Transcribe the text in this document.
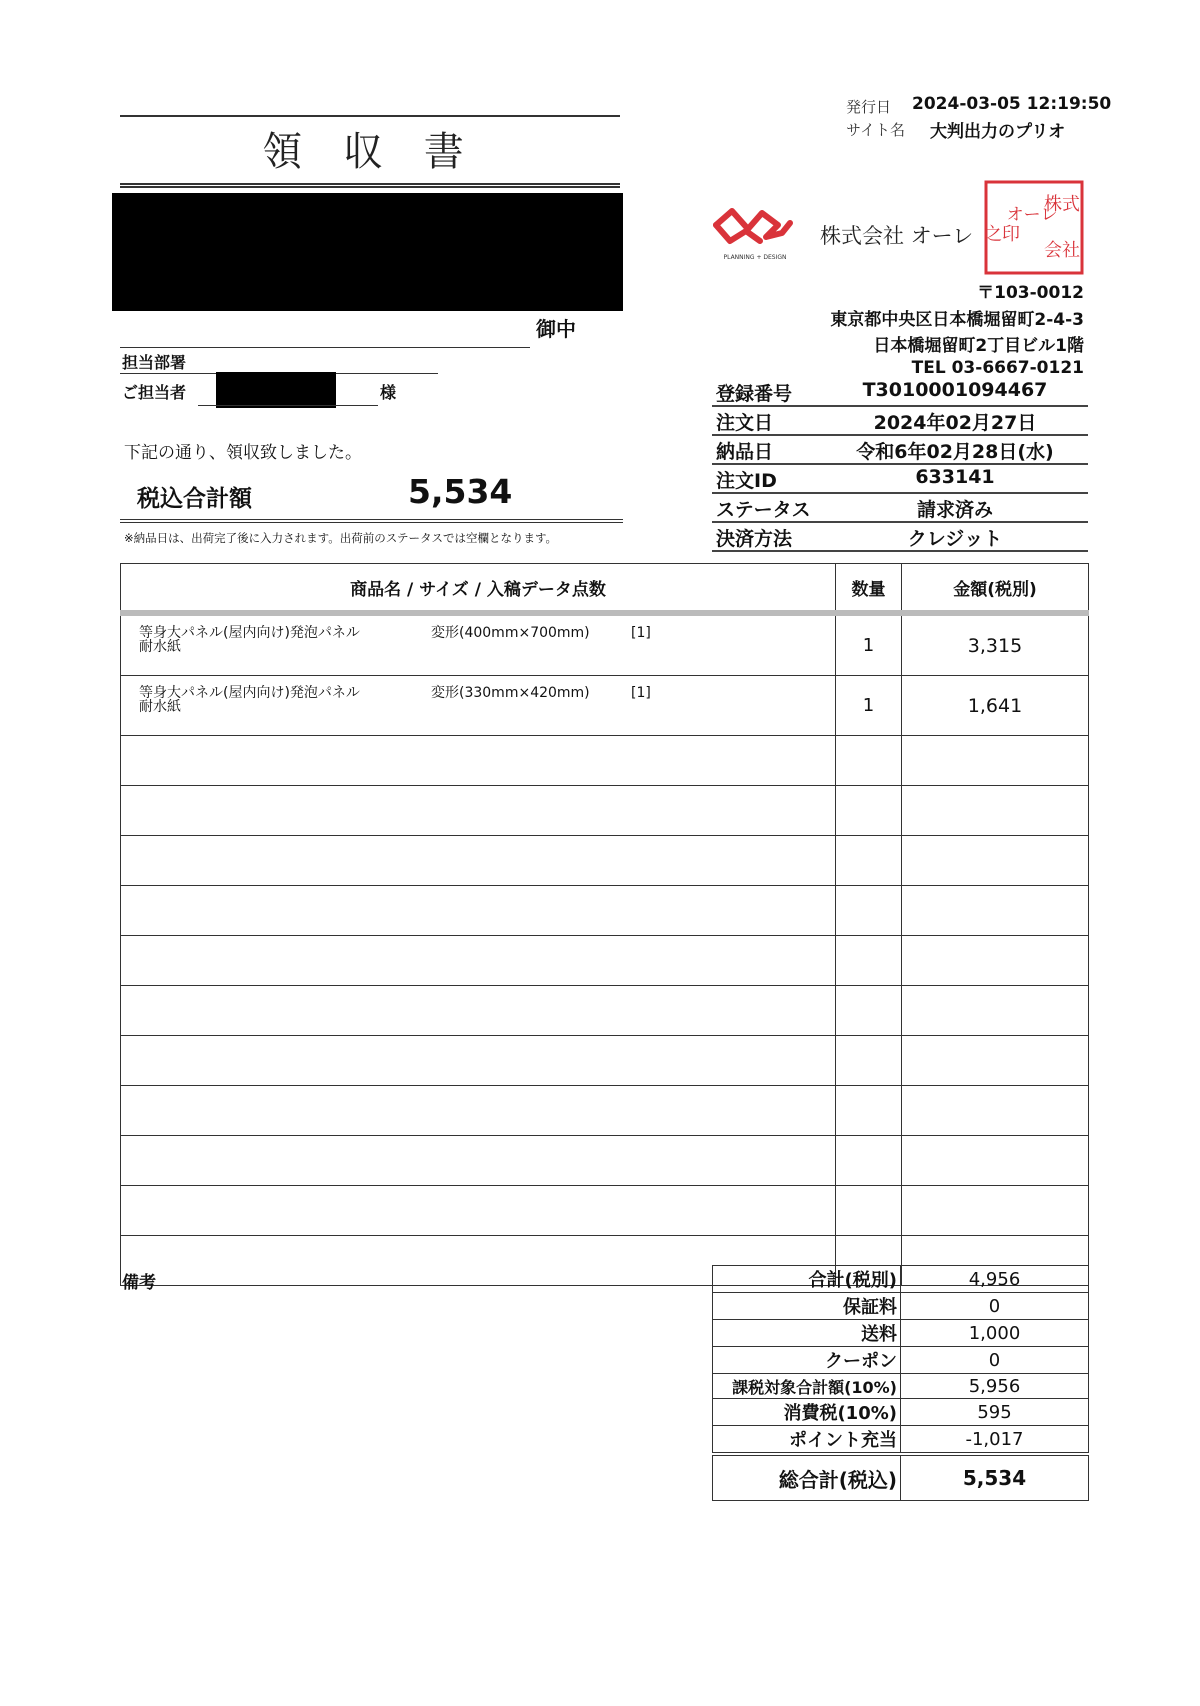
領 収 書
御中
担当部署
ご担当者	様
下記の通り、領収致しました。
税込合計額	5,534
※納品日は、出荷完了後に入力されます。出荷前のステータスでは空欄となります。
発行日 2024-03-05 12:19:50
サイト名 大判出力のプリオ
PLANNING + DESIGN
株式会社 オーレ
株式
会社
オーレ
之印
〒103-0012
東京都中央区日本橋堀留町2-4-3
日本橋堀留町2丁目ビル1階
TEL 03-6667-0121
登録番号	T3010001094467
注文日	2024年02月27日
納品日	令和6年02月28日(水)
注文ID	633141
ステータス	請求済み
決済方法	クレジット
商品名 / サイズ / 入稿データ点数	数量	金額(税別)

等身大パネル(屋内向け)発泡パネル
耐水紙
変形(400mm×700mm) [1]	1	3,315

等身大パネル(屋内向け)発泡パネル
耐水紙
変形(330mm×420mm) [1]	1	1,641

備考	合計(税別)	4,956
保証料	0
送料	1,000
クーポン	0
課税対象合計額(10%)	5,956
消費税(10%)	595
ポイント充当	-1,017
総合計(税込)	5,534
